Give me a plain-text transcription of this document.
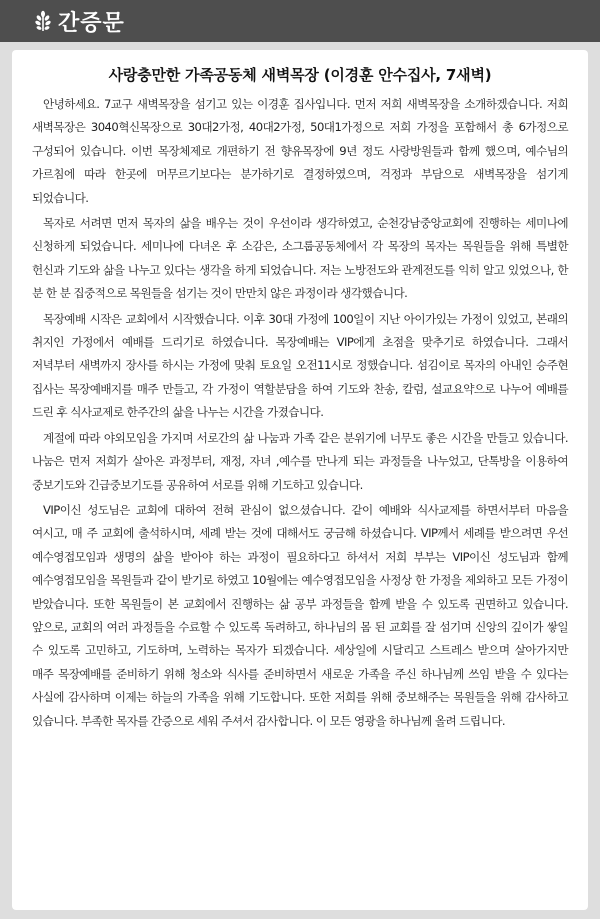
간증문
사랑충만한 가족공동체 새벽목장 (이경훈 안수집사, 7새벽)

안녕하세요. 7교구 새벽목장을 섬기고 있는 이경훈 집사입니다. 먼저 저희 새벽목장을 소개하겠습니다. 저희 새벽목장은 3040혁신목장으로 30대2가정, 40대2가정, 50대1가정으로 저희 가정을 포함해서 총 6가정으로 구성되어 있습니다. 이번 목장체제로 개편하기 전 향유목장에 9년 정도 사랑방원들과 함께 했으며, 예수님의 가르침에 따라 한곳에 머무르기보다는 분가하기로 결정하였으며, 걱정과 부담으로 새벽목장을 섬기게 되었습니다.

목자로 서려면 먼저 목자의 삶을 배우는 것이 우선이라 생각하였고, 순천강남중앙교회에 진행하는 세미나에 신청하게 되었습니다. 세미나에 다녀온 후 소감은, 소그룹공동체에서 각 목장의 목자는 목원들을 위해 특별한 헌신과 기도와 삶을 나누고 있다는 생각을 하게 되었습니다. 저는 노방전도와 관계전도를 익히 알고 있었으나, 한 분 한 분 집중적으로 목원들을 섬기는 것이 만만치 않은 과정이라 생각했습니다.

목장예배 시작은 교회에서 시작했습니다. 이후 30대 가정에 100일이 지난 아이가있는 가정이 있었고, 본래의 취지인 가정에서 예배를 드리기로 하였습니다. 목장예배는 VIP에게 초점을 맞추기로 하였습니다. 그래서 저녁부터 새벽까지 장사를 하시는 가정에 맞춰 토요일 오전11시로 정했습니다. 섬김이로 목자의 아내인 승주현 집사는 목장예배지를 매주 만들고, 각 가정이 역할분담을 하여 기도와 찬송, 칼럼, 설교요약으로 나누어 예배를 드린 후 식사교제로 한주간의 삶을 나누는 시간을 가졌습니다.

계절에 따라 야외모임을 가지며 서로간의 삶 나눔과 가족 같은 분위기에 너무도 좋은 시간을 만들고 있습니다. 나눔은 먼저 저희가 살아온 과정부터, 재정, 자녀 ,예수를 만나게 되는 과정들을 나누었고, 단톡방을 이용하여 중보기도와 긴급중보기도를 공유하여 서로를 위해 기도하고 있습니다.

VIP이신 성도님은 교회에 대하여 전혀 관심이 없으셨습니다. 같이 예배와 식사교제를 하면서부터 마음을 여시고, 매 주 교회에 출석하시며, 세례 받는 것에 대해서도 궁금해 하셨습니다. VIP께서 세례를 받으려면 우선 예수영접모임과 생명의 삶을 받아야 하는 과정이 필요하다고 하셔서 저희 부부는 VIP이신 성도님과 함께 예수영접모임을 목원들과 같이 받기로 하였고 10월에는 예수영접모임을 사정상 한 가정을 제외하고 모든 가정이 받았습니다. 또한 목원들이 본 교회에서 진행하는 삶 공부 과정들을 함께 받을 수 있도록 권면하고 있습니다. 앞으로, 교회의 여러 과정들을 수료할 수 있도록 독려하고, 하나님의 몸 된 교회를 잘 섬기며 신앙의 깊이가 쌓일 수 있도록 고민하고, 기도하며, 노력하는 목자가 되겠습니다. 세상일에 시달리고 스트레스 받으며 살아가지만 매주 목장예배를 준비하기 위해 청소와 식사를 준비하면서 새로운 가족을 주신 하나님께 쓰임 받을 수 있다는 사실에 감사하며 이제는 하늘의 가족을 위해 기도합니다. 또한 저희를 위해 중보해주는 목원들을 위해 감사하고 있습니다. 부족한 목자를 간증으로 세워 주셔서 감사합니다. 이 모든 영광을 하나님께 올려 드립니다.
